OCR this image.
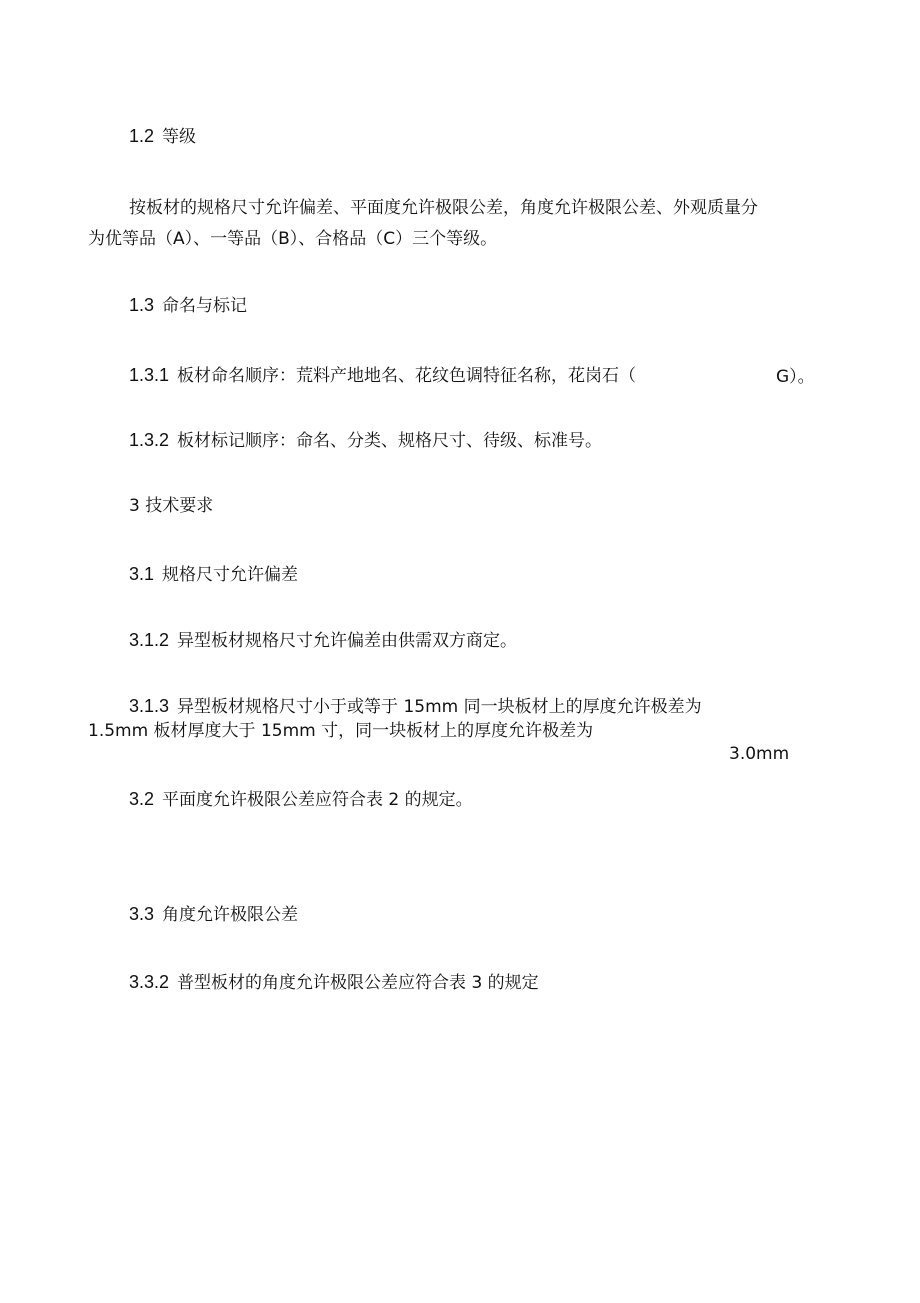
1.2 等级
按板材的规格尺寸允许偏差、平面度允许极限公差，角度允许极限公差、外观质量分
为优等品（A）、一等品（B）、合格品（C）三个等级。
1.3 命名与标记
1.3.1 板材命名顺序：荒料产地地名、花纹色调特征名称，花岗石（	G）。
1.3.2 板材标记顺序：命名、分类、规格尺寸、待级、标准号。
3 技术要求
3.1 规格尺寸允许偏差
3.1.2 异型板材规格尺寸允许偏差由供需双方商定。
3.1.3 异型板材规格尺寸小于或等于 15mm 同一块板材上的厚度允许极差为
1.5mm 板材厚度大于 15mm 寸，同一块板材上的厚度允许极差为
3.0mm
3.2 平面度允许极限公差应符合表 2 的规定。
3.3 角度允许极限公差
3.3.2 普型板材的角度允许极限公差应符合表 3 的规定
